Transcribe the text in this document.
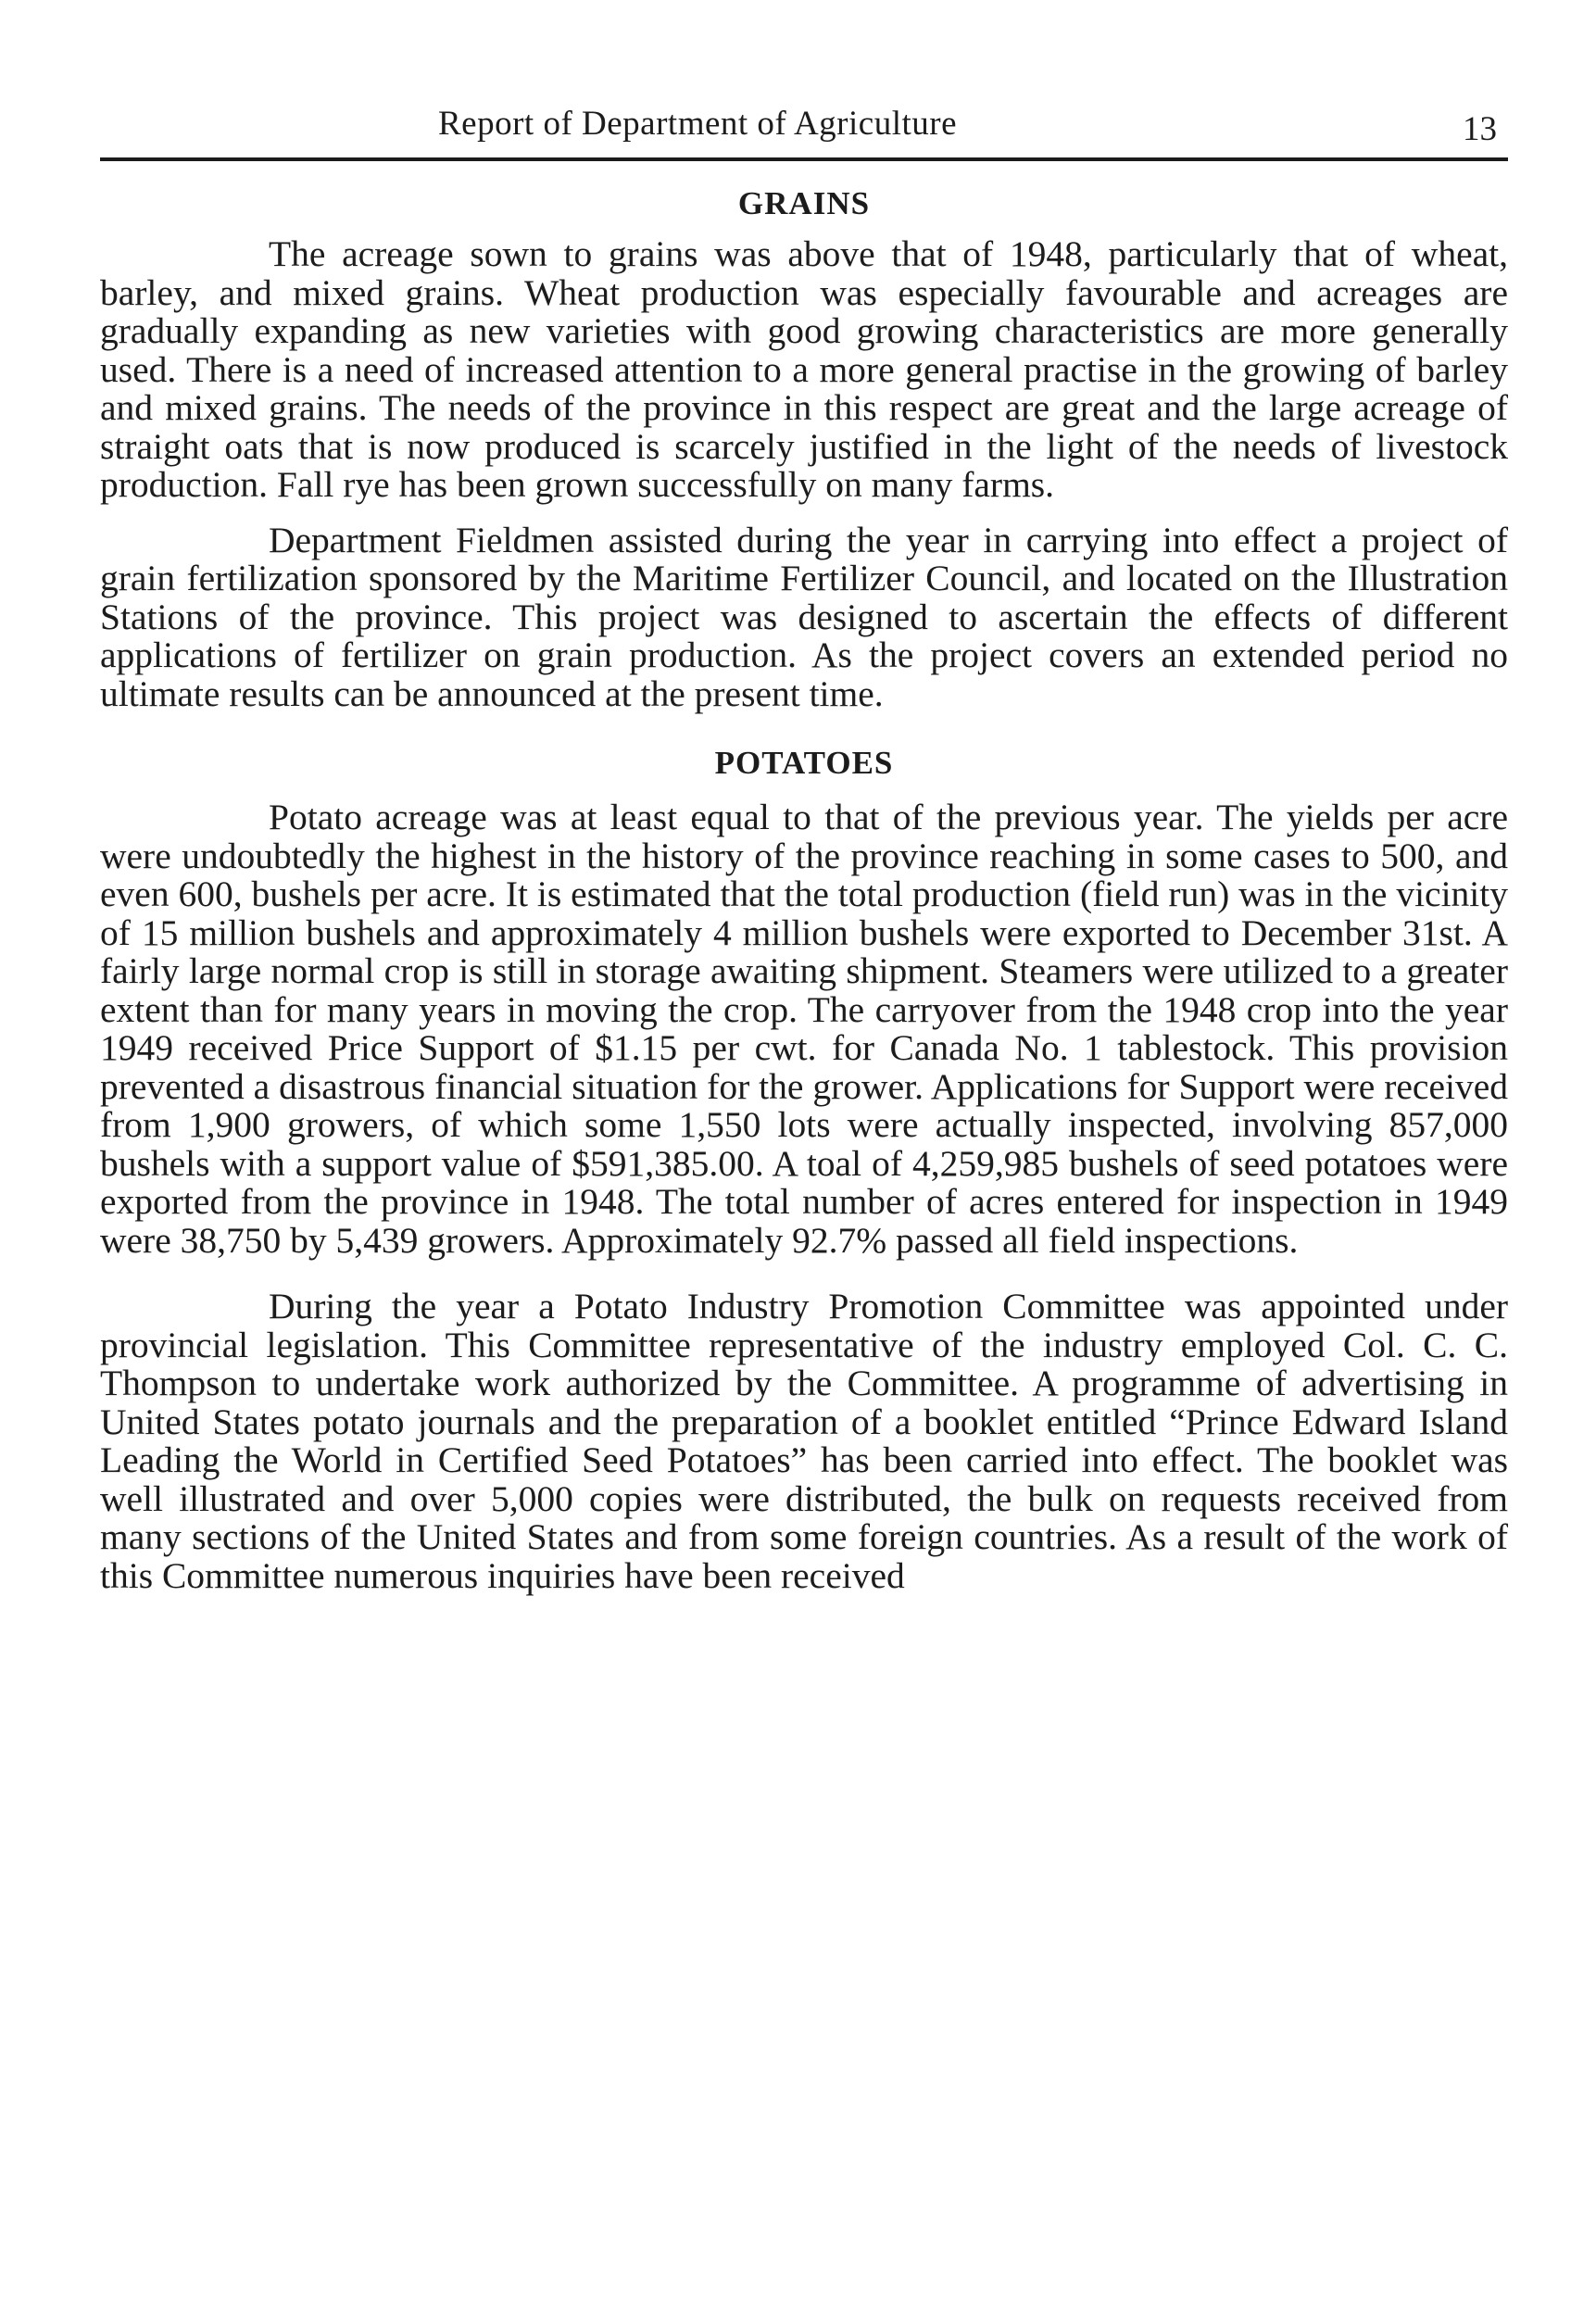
Report of Department of Agriculture	13
GRAINS

The acreage sown to grains was above that of 1948, particularly that of wheat, barley, and mixed grains. Wheat production was especially favourable and acreages are gradually expanding as new varieties with good growing characteristics are more generally used. There is a need of increased attention to a more general practise in the growing of barley and mixed grains. The needs of the province in this respect are great and the large acreage of straight oats that is now produced is scarcely justified in the light of the needs of livestock production. Fall rye has been grown successfully on many farms.

Department Fieldmen assisted during the year in carrying into effect a project of grain fertilization sponsored by the Maritime Fertilizer Council, and located on the Illustration Stations of the province. This project was designed to ascertain the effects of different applications of fertilizer on grain production. As the project covers an extended period no ultimate results can be announced at the present time.

POTATOES

Potato acreage was at least equal to that of the previous year. The yields per acre were undoubtedly the highest in the history of the province reaching in some cases to 500, and even 600, bushels per acre. It is estimated that the total production (field run) was in the vicinity of 15 million bushels and approximately 4 million bushels were exported to December 31st. A fairly large normal crop is still in storage awaiting shipment. Steamers were utilized to a greater extent than for many years in moving the crop. The carryover from the 1948 crop into the year 1949 received Price Support of $1.15 per cwt. for Canada No. 1 tablestock. This provision prevented a disastrous financial situation for the grower. Applications for Support were received from 1,900 growers, of which some 1,550 lots were actually inspected, involving 857,000 bushels with a support value of $591,385.00. A toal of 4,259,985 bushels of seed potatoes were exported from the province in 1948. The total number of acres entered for inspection in 1949 were 38,750 by 5,439 growers. Approximately 92.7% passed all field inspections.

During the year a Potato Industry Promotion Committee was appointed under provincial legislation. This Committee representative of the industry employed Col. C. C. Thompson to undertake work authorized by the Committee. A programme of advertising in United States potato journals and the preparation of a booklet entitled “Prince Edward Island Leading the World in Certified Seed Potatoes” has been carried into effect. The booklet was well illustrated and over 5,000 copies were distributed, the bulk on requests received from many sections of the United States and from some foreign countries. As a result of the work of this Committee numerous inquiries have been received
